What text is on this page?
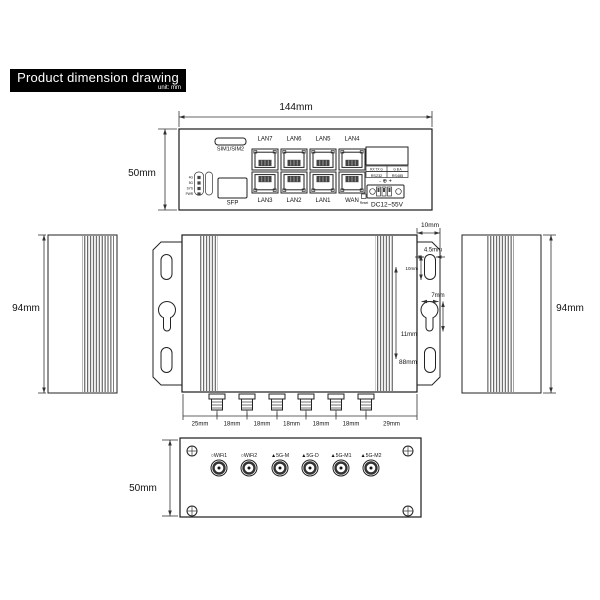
Product dimension drawing
unit: mm
144mm
50mm
SIM1/SIM2
4G
5G
SYS
PWR
SFP
LAN7 LAN6 LAN5 LAN4
LAN3 LAN2 LAN1 WAN
RX TX G	G B A
RS232 RS485
- ⊕ +
DC12~55V
Reset
94mm	94mm
10mm
4.5mm
10mm
7mm
11mm
88mm
25mm	18mm 18mm 18mm 18mm 18mm	29mm
○WiFi1	○WiFi2	▲5G-M ▲5G-D ▲5G-M1 ▲5G-M2
50mm
